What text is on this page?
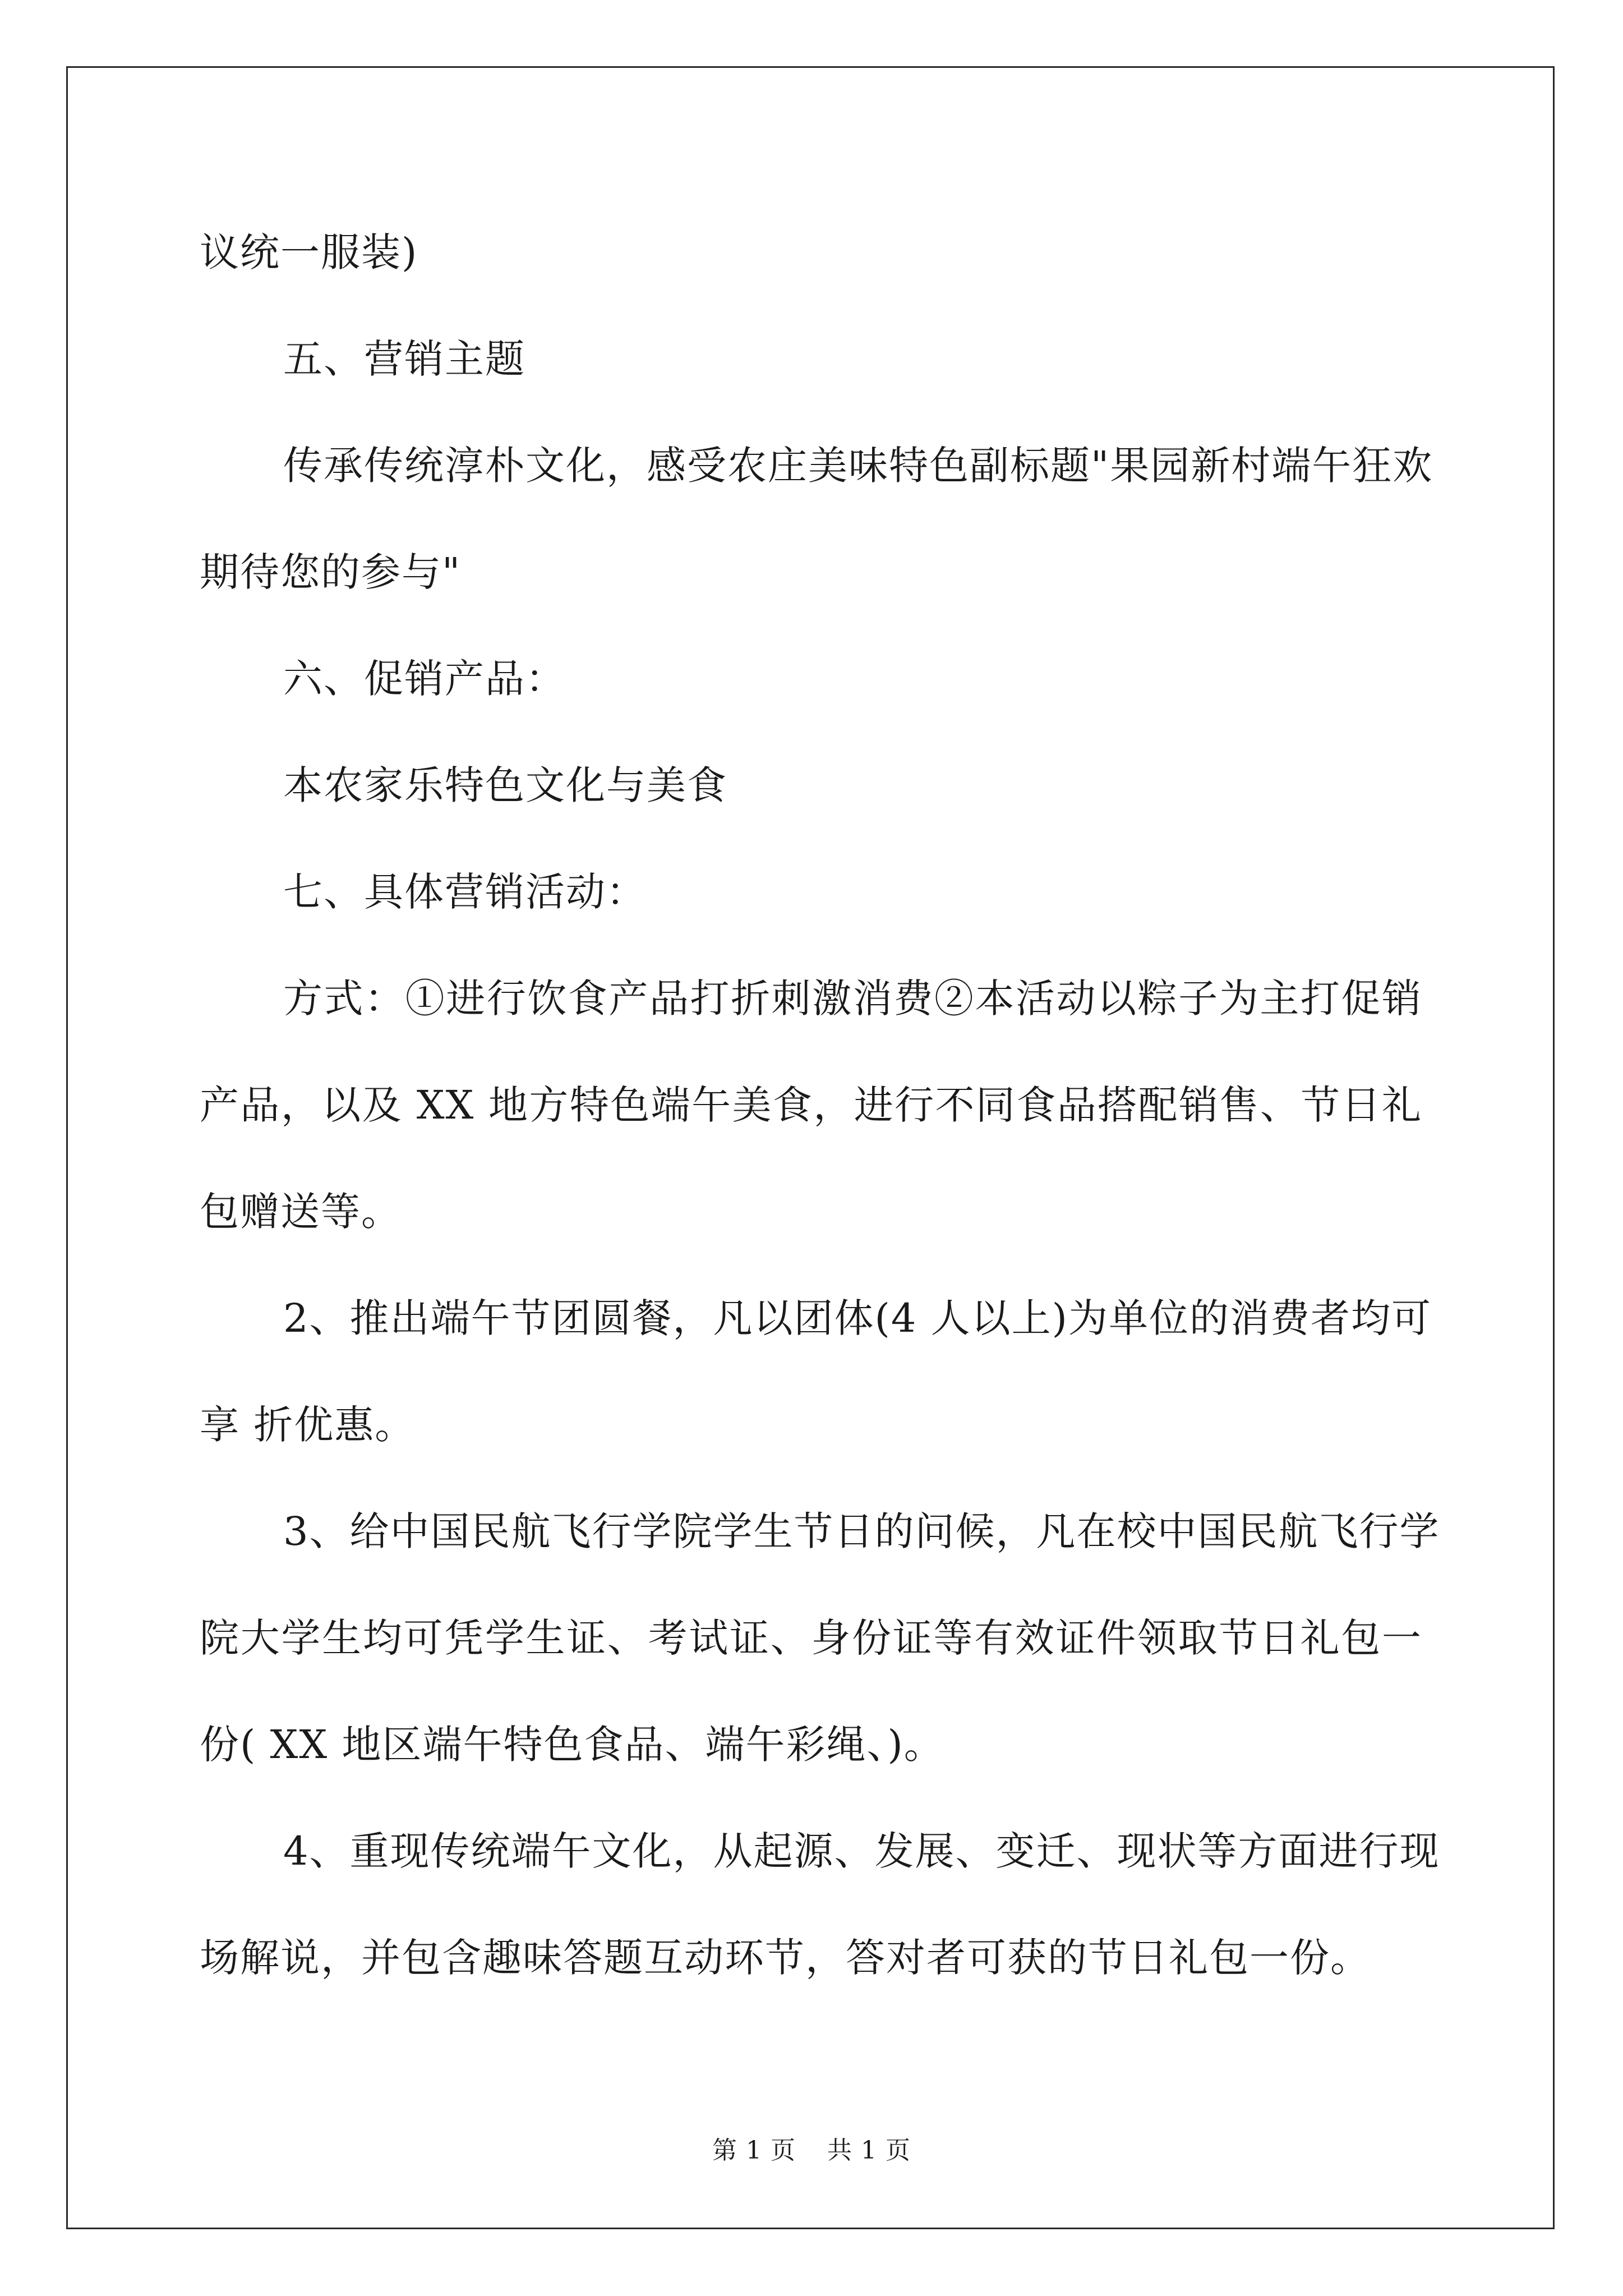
议统一服装)
五、营销主题
传承传统淳朴文化，感受农庄美味特色副标题"果园新村端午狂欢
期待您的参与"
六、促销产品：
本农家乐特色文化与美食
七、具体营销活动：
方式：①进行饮食产品打折刺激消费②本活动以粽子为主打促销
产品，以及 XX 地方特色端午美食，进行不同食品搭配销售、节日礼
包赠送等。
2、推出端午节团圆餐，凡以团体(4 人以上)为单位的消费者均可
享 折优惠。
3、给中国民航飞行学院学生节日的问候，凡在校中国民航飞行学
院大学生均可凭学生证、考试证、身份证等有效证件领取节日礼包一
份( XX 地区端午特色食品、端午彩绳、)。
4、重现传统端午文化，从起源、发展、变迁、现状等方面进行现
场解说，并包含趣味答题互动环节，答对者可获的节日礼包一份。
第 1 页 共 1 页
